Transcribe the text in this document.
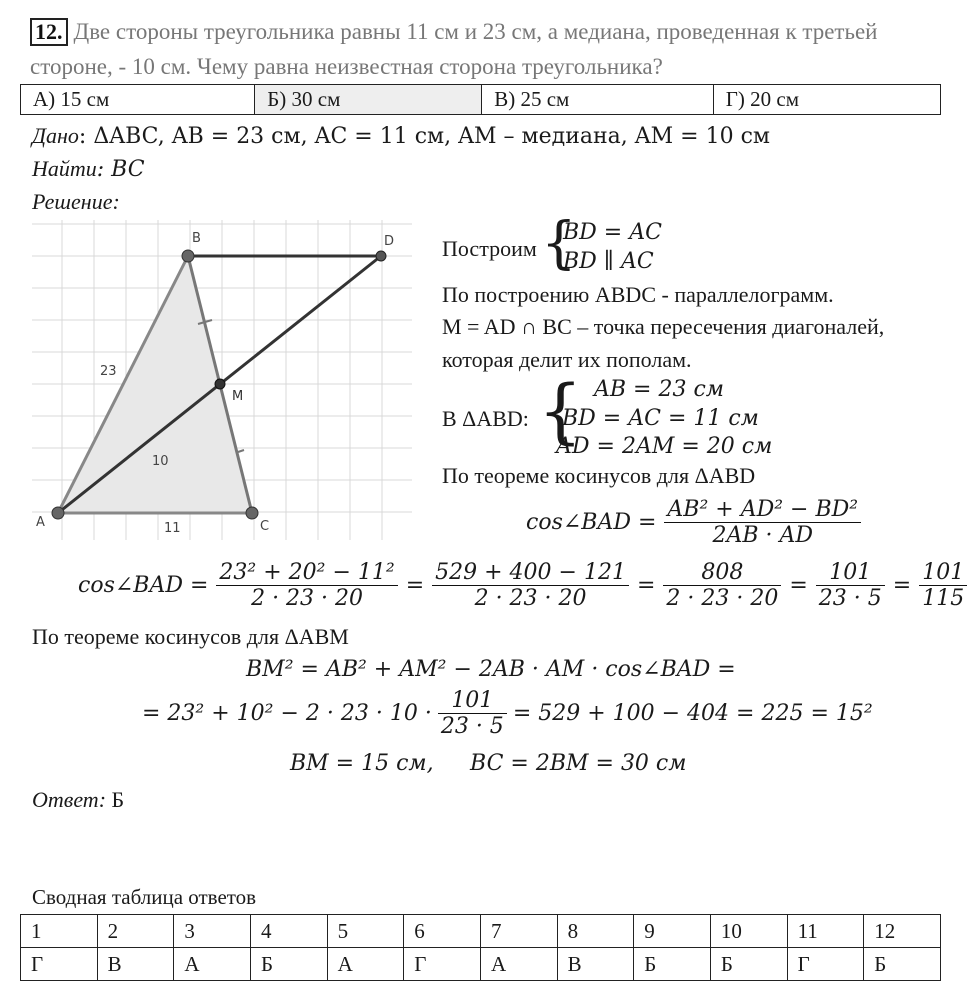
12. Две стороны треугольника равны 11 см и 23 см, а медиана, проведенная к третьей
стороне, - 10 см. Чему равна неизвестная сторона треугольника?
А) 15 см	Б) 30 см	В) 25 см	Г) 20 см
Дано: ΔABC, AB = 23 см, AC = 11 см, AM – медиана, AM = 10 см
Найти: BC
Решение:
A
B
C
D
M
23
10
11
Построим {
BD = AC
BD ∥ AC
По построению ABDC - параллелограмм.
M = AD ∩ BC – точка пересечения диагоналей,
которая делит их пополам.
В ΔABD: { AB = 23 см
BD = AC = 11 см
AD = 2AM = 20 см
По теореме косинусов для ΔABD
cos∠BAD = $\frac{\text{AB² + AD² − BD²}}{2AB \cdot AD}$
cos∠BAD = $\frac{\text{23² + 20² − 11²}}{2 \cdot 23 \cdot 20} = \frac{529 + 400 - 121}{2 \cdot 23 \cdot 20} = \frac{808}{2 \cdot 23 \cdot 20} = \frac{101}{23 \cdot 5} = \frac{101}{115}$
По теореме косинусов для ΔABM
BM² = AB² + AM² − 2AB · AM · cos∠BAD =
= $23^2 + 10^2 - 2 \cdot 23 \cdot 10 \cdot \frac{101}{23 \cdot 5} = 529 + 100 - 404 = 225 = 15^2$
BM = 15 см, BC = 2BM = 30 см
Ответ: Б
Сводная таблица ответов
1	2	3	4	5	6	7	8	9	10	11	12
Г	В	А	Б	А	Г	А	В	Б	Б	Г	Б
